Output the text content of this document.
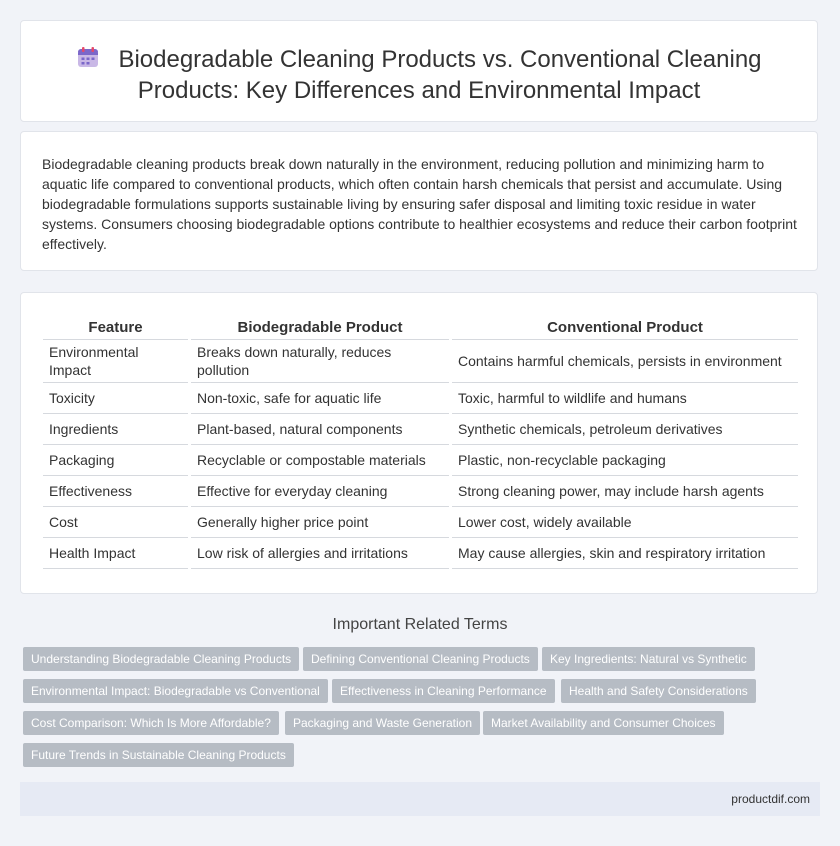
Biodegradable Cleaning Products vs. Conventional Cleaning
Products: Key Differences and Environmental Impact

Biodegradable cleaning products break down naturally in the environment, reducing pollution and minimizing harm to aquatic life compared to conventional products, which often contain harsh chemicals that persist and accumulate. Using biodegradable formulations supports sustainable living by ensuring safer disposal and limiting toxic residue in water systems. Consumers choosing biodegradable options contribute to healthier ecosystems and reduce their carbon footprint effectively.

Feature	Biodegradable Product	Conventional Product
Environmental Impact	Breaks down naturally, reduces pollution	Contains harmful chemicals, persists in environment
Toxicity	Non-toxic, safe for aquatic life	Toxic, harmful to wildlife and humans
Ingredients	Plant-based, natural components	Synthetic chemicals, petroleum derivatives
Packaging	Recyclable or compostable materials	Plastic, non-recyclable packaging
Effectiveness	Effective for everyday cleaning	Strong cleaning power, may include harsh agents
Cost	Generally higher price point	Lower cost, widely available
Health Impact	Low risk of allergies and irritations	May cause allergies, skin and respiratory irritation
Important Related Terms
Understanding Biodegradable Cleaning Products	Defining Conventional Cleaning Products	Key Ingredients: Natural vs Synthetic
Environmental Impact: Biodegradable vs Conventional	Effectiveness in Cleaning Performance	Health and Safety Considerations
Cost Comparison: Which Is More Affordable?	Packaging and Waste Generation	Market Availability and Consumer Choices
Future Trends in Sustainable Cleaning Products
productdif.com
